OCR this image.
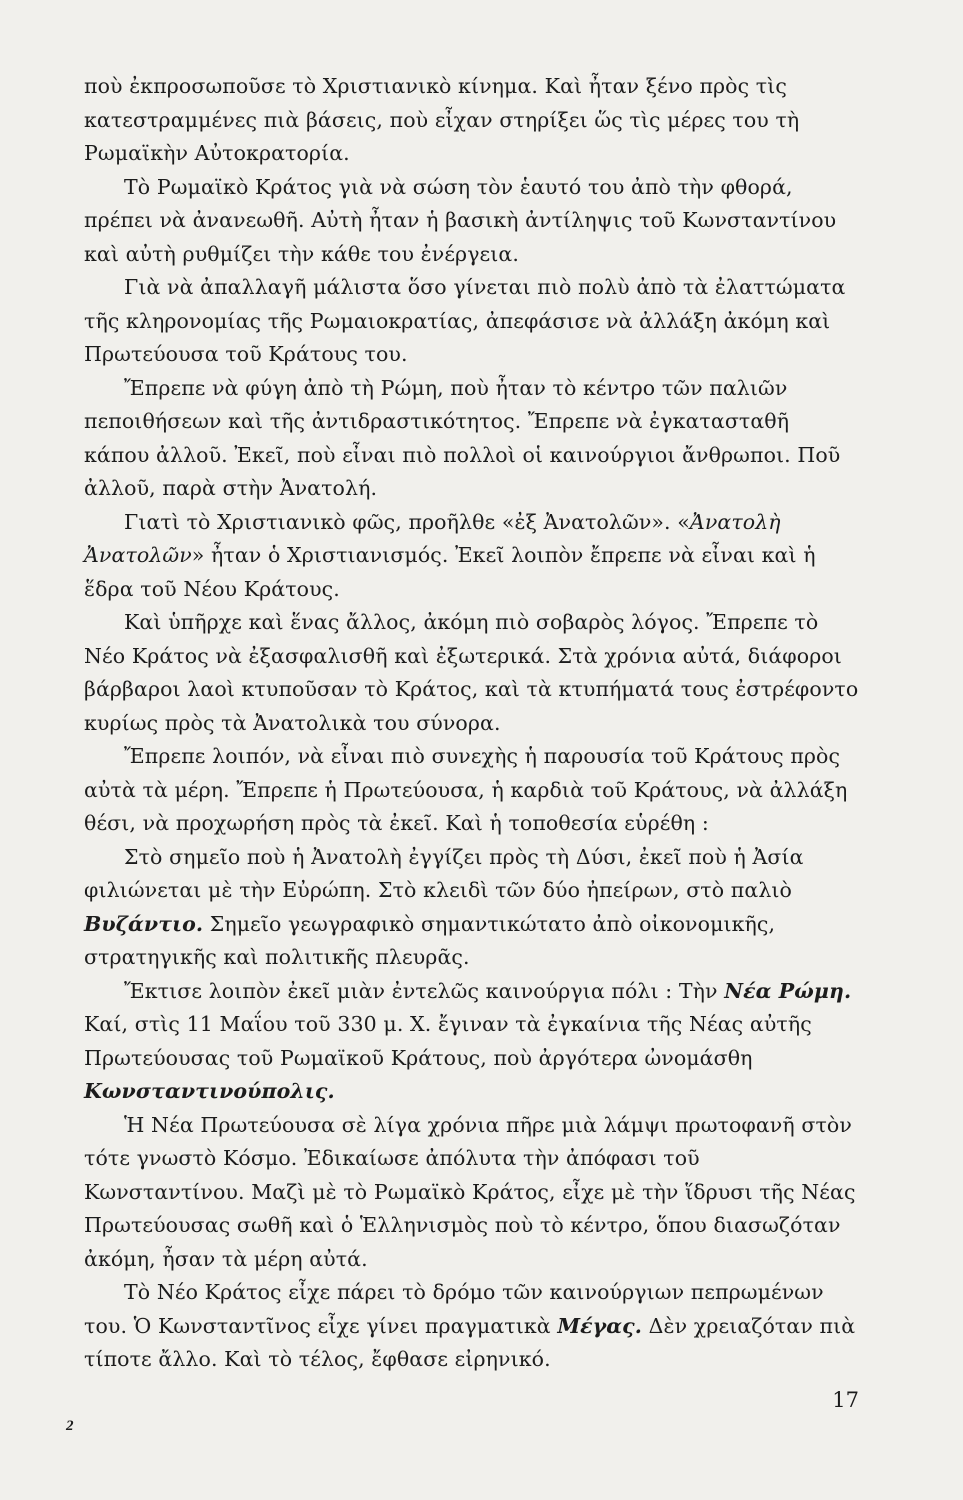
ποὺ ἐκπροσωποῦσε τὸ Χριστιανικὸ κίνημα. Καὶ ἦταν ξένο πρὸς τὶς κατεστραμμένες πιὰ βάσεις, ποὺ εἶχαν στηρίξει ὥς τὶς μέρες του τὴ Ρωμαϊκὴν Αὐτοκρατορία.

Τὸ Ρωμαϊκὸ Κράτος γιὰ νὰ σώση τὸν ἑαυτό του ἀπὸ τὴν φθορά, πρέπει νὰ ἀνανεωθῆ. Αὐτὴ ἦταν ἡ βασικὴ ἀντίληψις τοῦ Κωνσταντίνου καὶ αὐτὴ ρυθμίζει τὴν κάθε του ἐνέργεια.

Γιὰ νὰ ἀπαλλαγῆ μάλιστα ὅσο γίνεται πιὸ πολὺ ἀπὸ τὰ ἐλαττώματα τῆς κληρονομίας τῆς Ρωμαιοκρατίας, ἀπεφάσισε νὰ ἀλλάξη ἀκόμη καὶ Πρωτεύουσα τοῦ Κράτους του.

Ἔπρεπε νὰ φύγη ἀπὸ τὴ Ρώμη, ποὺ ἦταν τὸ κέντρο τῶν παλιῶν πεποιθήσεων καὶ τῆς ἀντιδραστικότητος. Ἔπρεπε νὰ ἐγκατασταθῆ κάπου ἀλλοῦ. Ἐκεῖ, ποὺ εἶναι πιὸ πολλοὶ οἱ καινούργιοι ἄνθρωποι. Ποῦ ἀλλοῦ, παρὰ στὴν Ἀνατολή.

Γιατὶ τὸ Χριστιανικὸ φῶς, προῆλθε «ἐξ Ἀνατολῶν». «Ἀνατολὴ Ἀνατολῶν» ἦταν ὁ Χριστιανισμός. Ἐκεῖ λοιπὸν ἔπρεπε νὰ εἶναι καὶ ἡ ἕδρα τοῦ Νέου Κράτους.

Καὶ ὑπῆρχε καὶ ἕνας ἄλλος, ἀκόμη πιὸ σοβαρὸς λόγος. Ἔπρεπε τὸ Νέο Κράτος νὰ ἐξασφαλισθῆ καὶ ἐξωτερικά. Στὰ χρόνια αὐτά, διάφοροι βάρβαροι λαοὶ κτυποῦσαν τὸ Κράτος, καὶ τὰ κτυπήματά τους ἐστρέφοντο κυρίως πρὸς τὰ Ἀνατολικὰ του σύνορα.

Ἔπρεπε λοιπόν, νὰ εἶναι πιὸ συνεχὴς ἡ παρουσία τοῦ Κράτους πρὸς αὐτὰ τὰ μέρη. Ἔπρεπε ἡ Πρωτεύουσα, ἡ καρδιὰ τοῦ Κράτους, νὰ ἀλλάξη θέσι, νὰ προχωρήση πρὸς τὰ ἐκεῖ. Καὶ ἡ τοποθεσία εὑρέθη :

Στὸ σημεῖο ποὺ ἡ Ἀνατολὴ ἐγγίζει πρὸς τὴ Δύσι, ἐκεῖ ποὺ ἡ Ἀσία φιλιώνεται μὲ τὴν Εὐρώπη. Στὸ κλειδὶ τῶν δύο ἠπείρων, στὸ παλιὸ Βυζάντιο. Σημεῖο γεωγραφικὸ σημαντικώτατο ἀπὸ οἰκονομικῆς, στρατηγικῆς καὶ πολιτικῆς πλευρᾶς.

Ἔκτισε λοιπὸν ἐκεῖ μιὰν ἐντελῶς καινούργια πόλι : Τὴν Νέα Ρώμη. Καί, στὶς 11 Μαΐου τοῦ 330 μ. Χ. ἔγιναν τὰ ἐγκαίνια τῆς Νέας αὐτῆς Πρωτεύουσας τοῦ Ρωμαϊκοῦ Κράτους, ποὺ ἀργότερα ὠνομάσθη Κωνσταντινούπολις.

Ἡ Νέα Πρωτεύουσα σὲ λίγα χρόνια πῆρε μιὰ λάμψι πρωτοφανῆ στὸν τότε γνωστὸ Κόσμο. Ἐδικαίωσε ἀπόλυτα τὴν ἀπόφασι τοῦ Κωνσταντίνου. Μαζὶ μὲ τὸ Ρωμαϊκὸ Κράτος, εἶχε μὲ τὴν ἵδρυσι τῆς Νέας Πρωτεύουσας σωθῆ καὶ ὁ Ἑλληνισμὸς ποὺ τὸ κέντρο, ὅπου διασωζόταν ἀκόμη, ἦσαν τὰ μέρη αὐτά.

Τὸ Νέο Κράτος εἶχε πάρει τὸ δρόμο τῶν καινούργιων πεπρωμένων του. Ὁ Κωνσταντῖνος εἶχε γίνει πραγματικὰ Μέγας. Δὲν χρειαζόταν πιὰ τίποτε ἄλλο. Καὶ τὸ τέλος, ἔφθασε εἰρηνικό.

17
2
